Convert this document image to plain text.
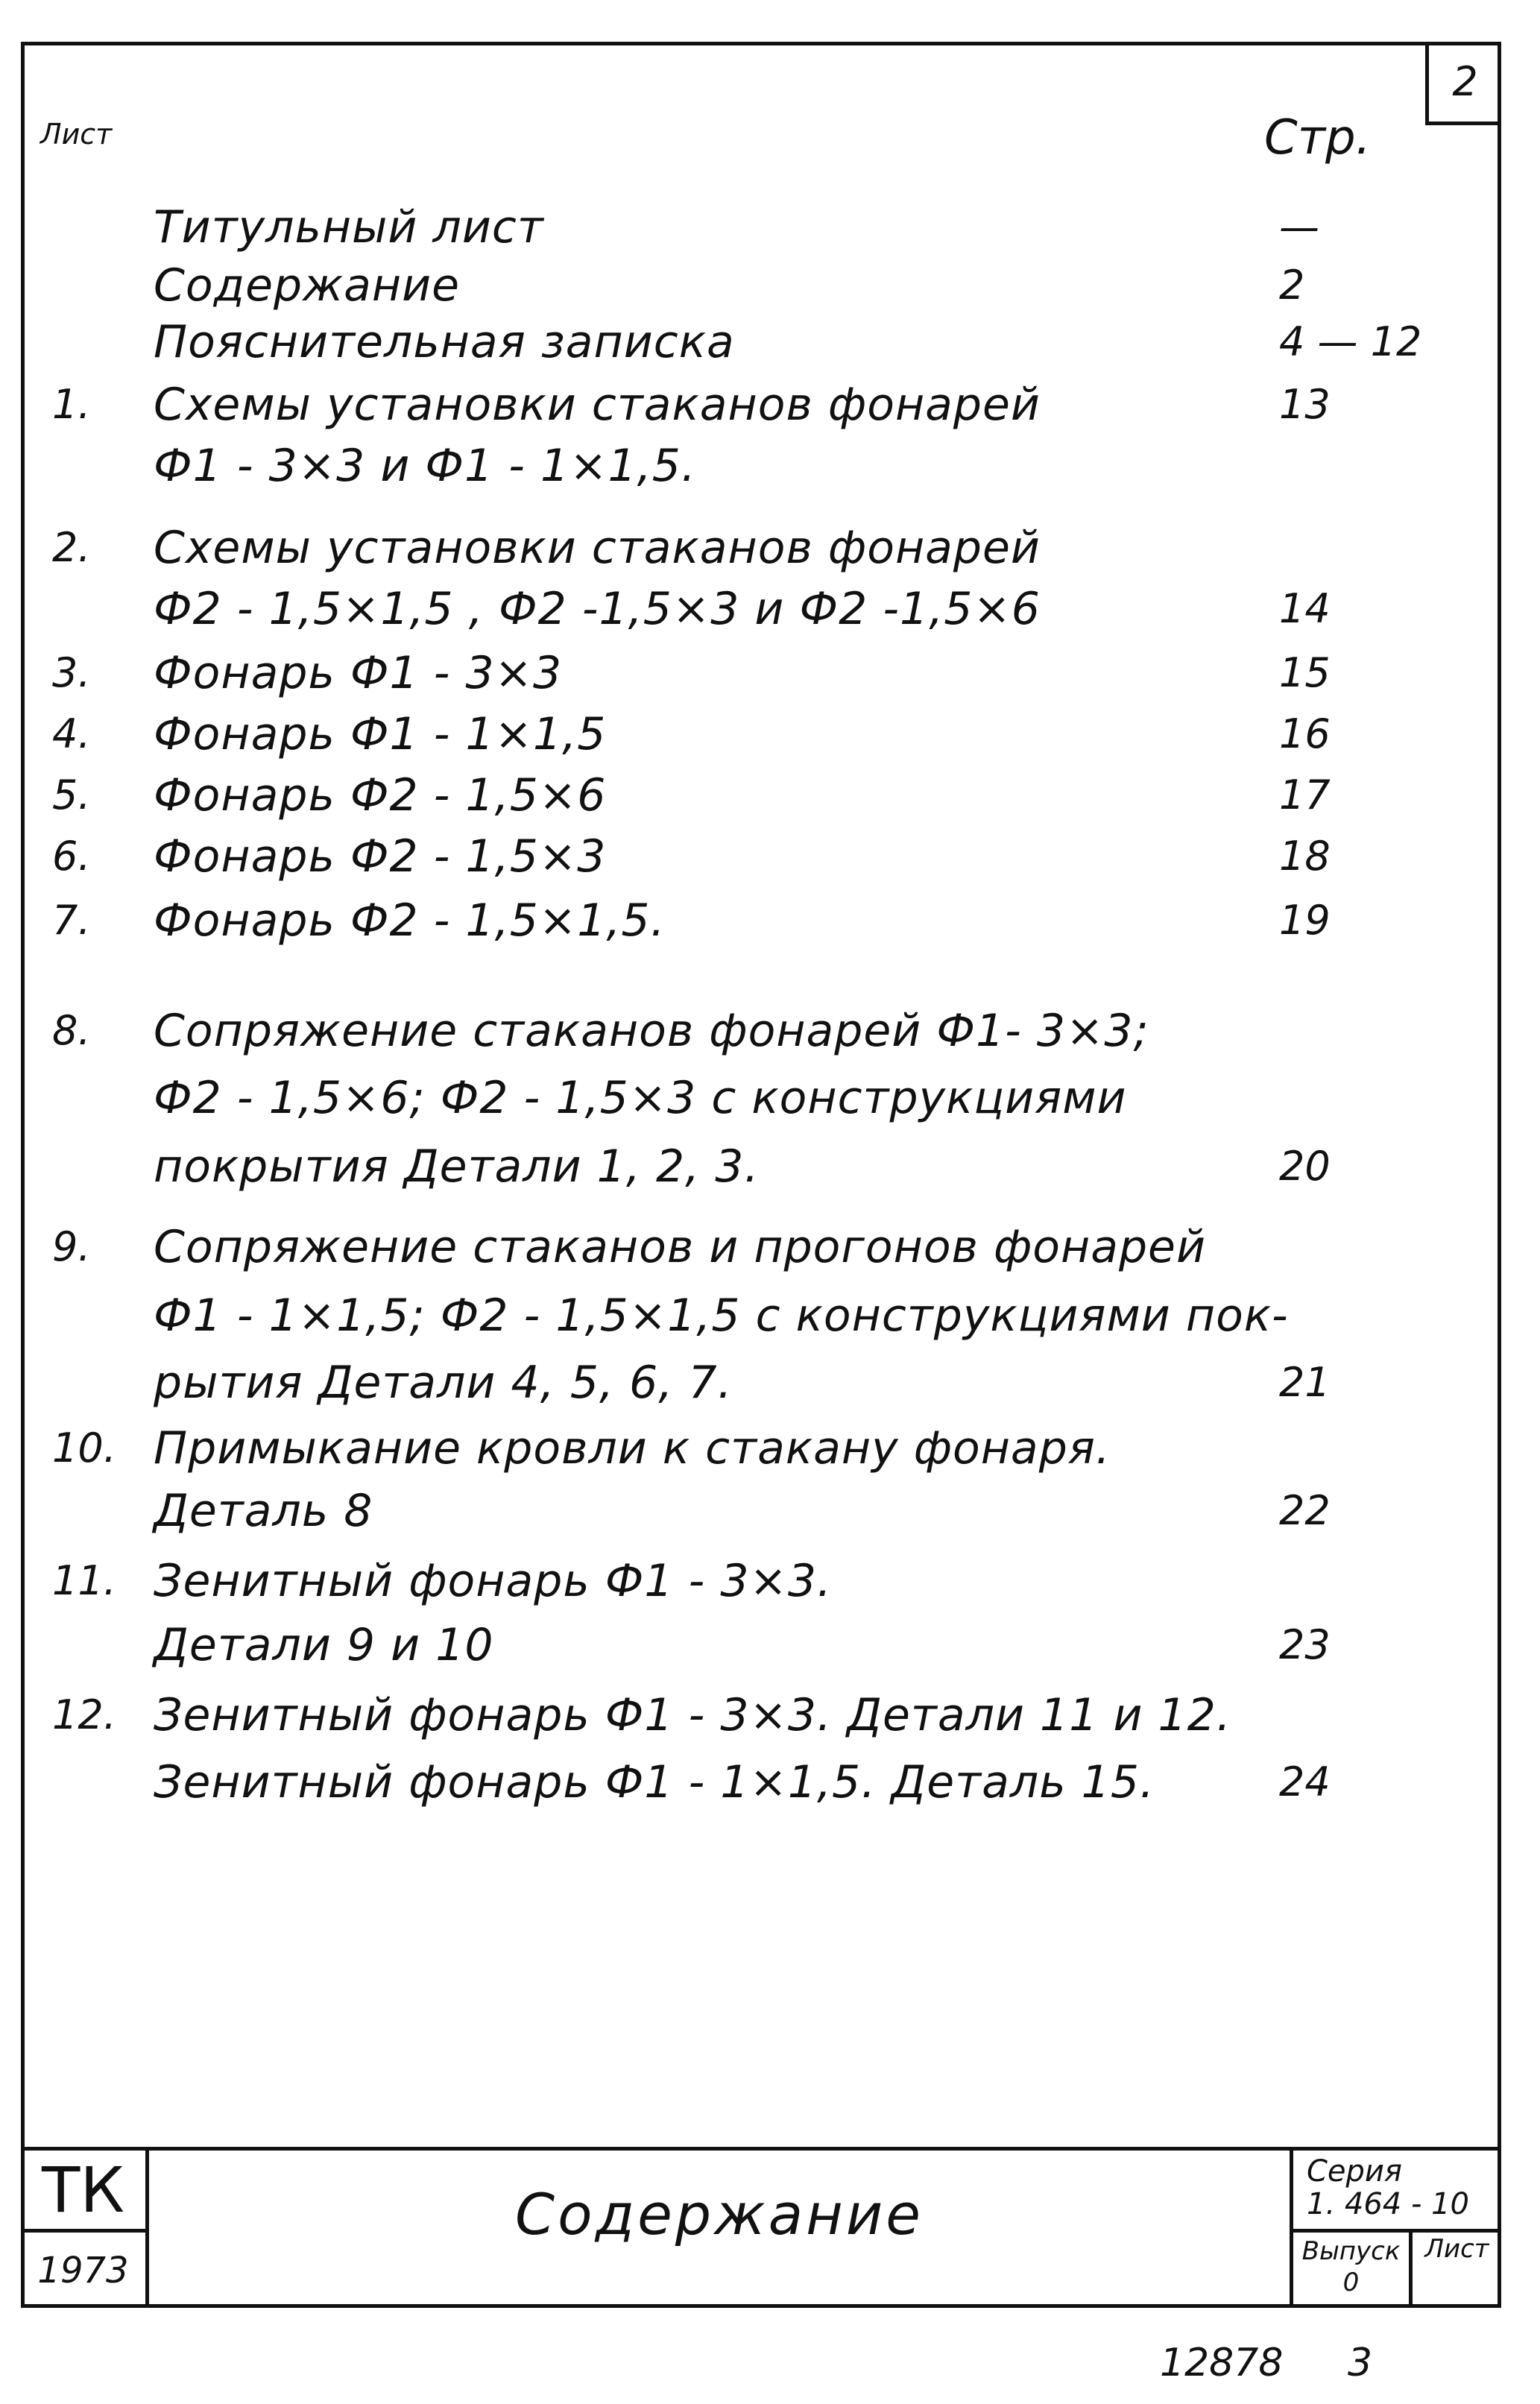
2
Лист	Стр.
Титульный лист	—
Содержание	2
Пояснительная записка	4 — 12
1.	Схемы установки стаканов фонарей	13
Ф1 - 3×3 и Ф1 - 1×1,5.
2.	Схемы установки стаканов фонарей
Ф2 - 1,5×1,5 , Ф2 -1,5×3 и Ф2 -1,5×6	14
3.	Фонарь Ф1 - 3×3	15
4.	Фонарь Ф1 - 1×1,5	16
5.	Фонарь Ф2 - 1,5×6	17
6.	Фонарь Ф2 - 1,5×3	18
7.	Фонарь Ф2 - 1,5×1,5.	19
8.	Сопряжение стаканов фонарей Ф1- 3×3;
Ф2 - 1,5×6; Ф2 - 1,5×3 с конструкциями
покрытия Детали 1, 2, 3.	20
9.	Сопряжение стаканов и прогонов фонарей
Ф1 - 1×1,5; Ф2 - 1,5×1,5 с конструкциями пок-
рытия Детали 4, 5, 6, 7.	21
10. Примыкание кровли к стакану фонаря.
Деталь 8	22
11. Зенитный фонарь Ф1 - 3×3.
Детали 9 и 10	23
12. Зенитный фонарь Ф1 - 3×3. Детали 11 и 12.
Зенитный фонарь Ф1 - 1×1,5. Деталь 15.	24
ТК
1973
Содержание
Серия
1. 464 - 10
Выпуск
0
Лист
12878 3
